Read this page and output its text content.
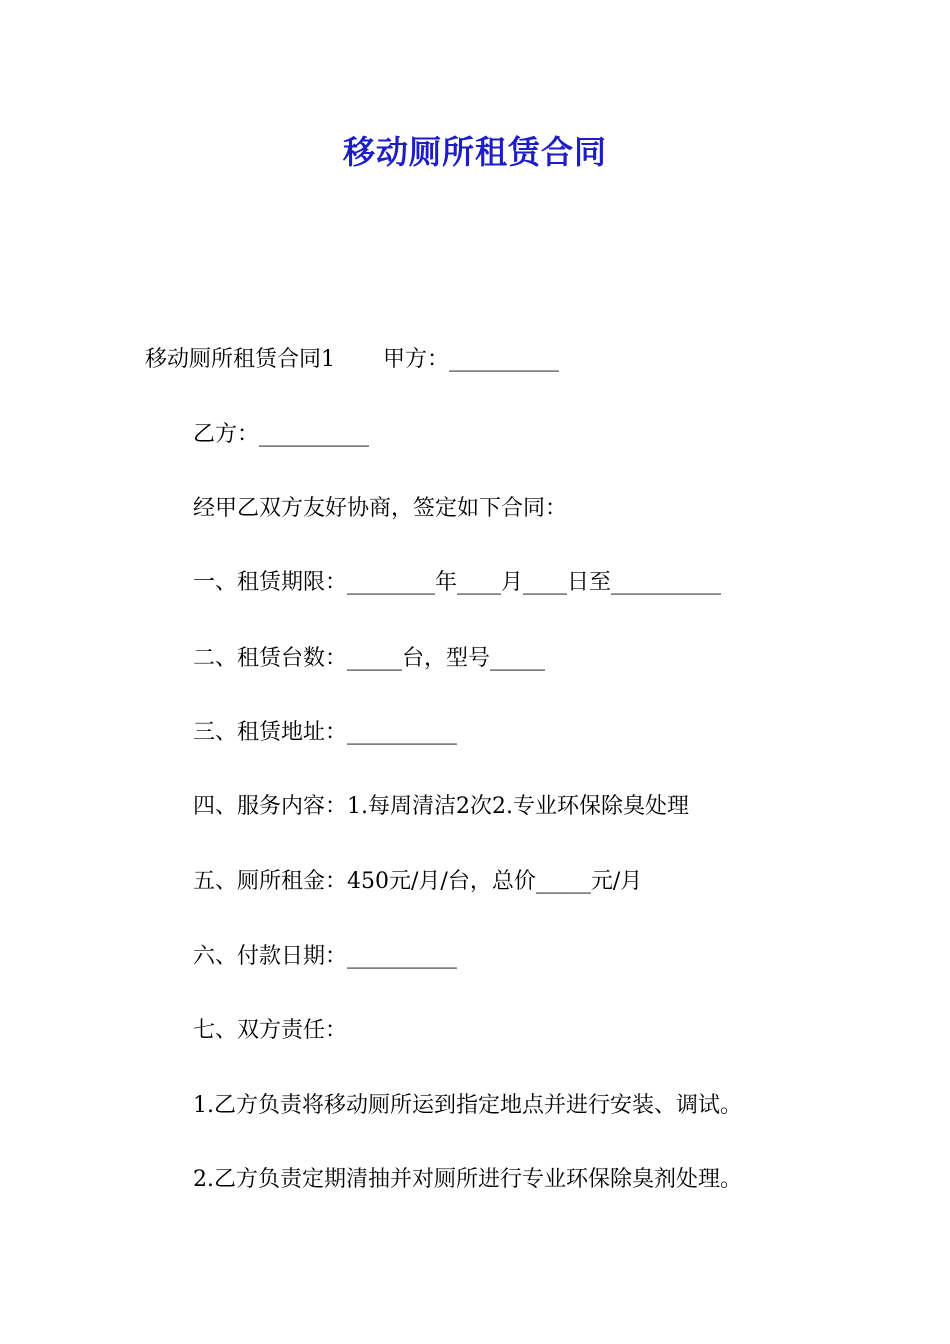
移动厕所租赁合同
移动厕所租赁合同1 甲方：__________
乙方：__________
经甲乙双方友好协商，签定如下合同：
一、租赁期限：________年____月____日至__________
二、租赁台数：_____台，型号_____
三、租赁地址：__________
四、服务内容：1.每周清洁2次2.专业环保除臭处理
五、厕所租金：450元/月/台，总价_____元/月
六、付款日期：__________
七、双方责任：
1.乙方负责将移动厕所运到指定地点并进行安装、调试。
2.乙方负责定期清抽并对厕所进行专业环保除臭剂处理。
